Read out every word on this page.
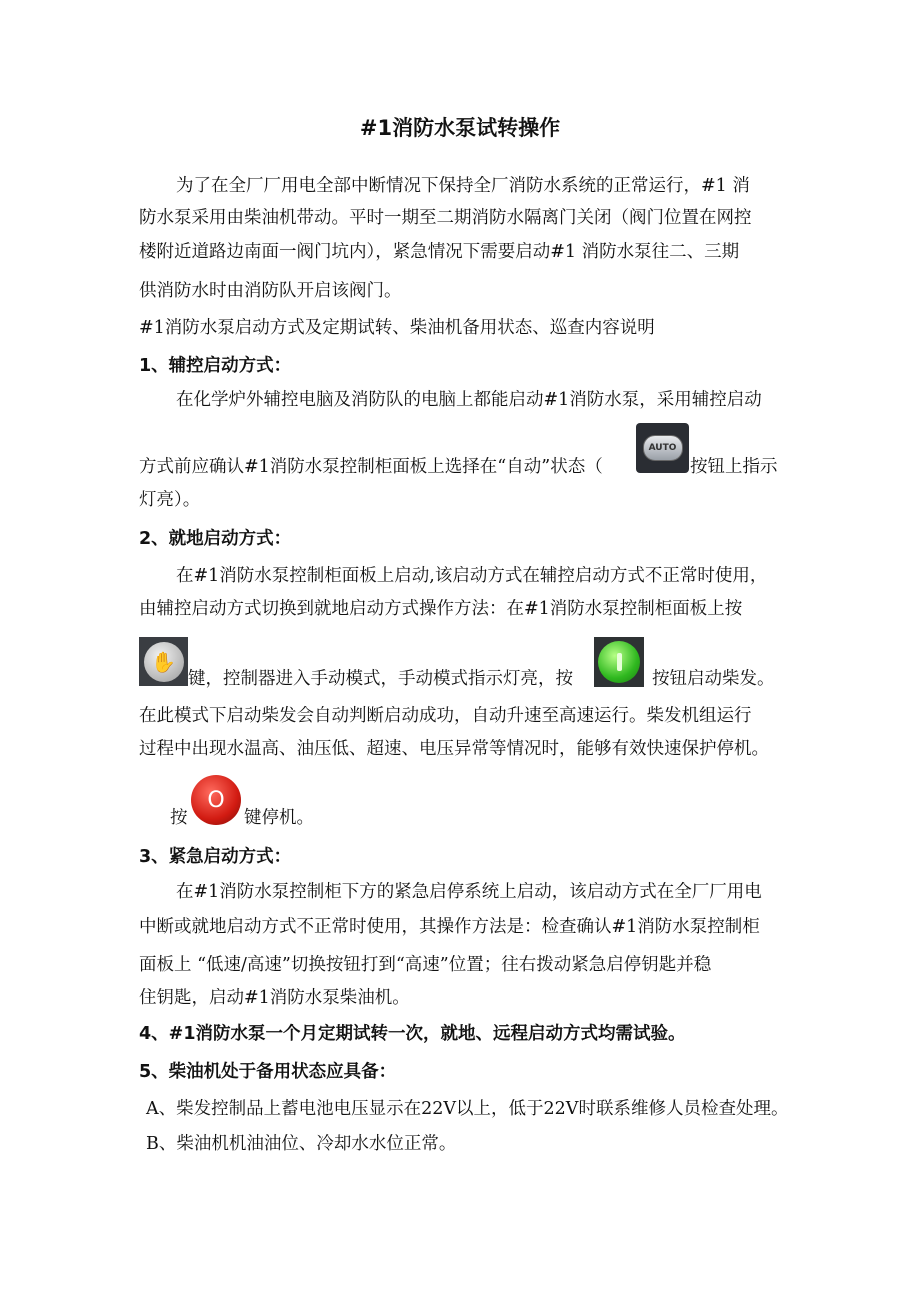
#1消防水泵试转操作
为了在全厂厂用电全部中断情况下保持全厂消防水系统的正常运行，#1 消
防水泵采用由柴油机带动。平时一期至二期消防水隔离门关闭（阀门位置在网控
楼附近道路边南面一阀门坑内），紧急情况下需要启动#1 消防水泵往二、三期
供消防水时由消防队开启该阀门。
#1消防水泵启动方式及定期试转、柴油机备用状态、巡查内容说明
1、辅控启动方式：
在化学炉外辅控电脑及消防队的电脑上都能启动#1消防水泵，采用辅控启动
方式前应确认#1消防水泵控制柜面板上选择在“自动”状态（
AUTO
按钮上指示
灯亮）。
2、就地启动方式：
在#1消防水泵控制柜面板上启动,该启动方式在辅控启动方式不正常时使用，
由辅控启动方式切换到就地启动方式操作方法：在#1消防水泵控制柜面板上按
✋
键，控制器进入手动模式，手动模式指示灯亮，按	按钮启动柴发。
在此模式下启动柴发会自动判断启动成功，自动升速至高速运行。柴发机组运行
过程中出现水温高、油压低、超速、电压异常等情况时，能够有效快速保护停机。
按
O
键停机。
3、紧急启动方式：
在#1消防水泵控制柜下方的紧急启停系统上启动，该启动方式在全厂厂用电
中断或就地启动方式不正常时使用，其操作方法是：检查确认#1消防水泵控制柜
面板上 “低速/高速”切换按钮打到“高速”位置；往右拨动紧急启停钥匙并稳
住钥匙，启动#1消防水泵柴油机。
4、#1消防水泵一个月定期试转一次，就地、远程启动方式均需试验。
5、柴油机处于备用状态应具备：
A、柴发控制品上蓄电池电压显示在22V以上，低于22V时联系维修人员检查处理。
B、柴油机机油油位、冷却水水位正常。
